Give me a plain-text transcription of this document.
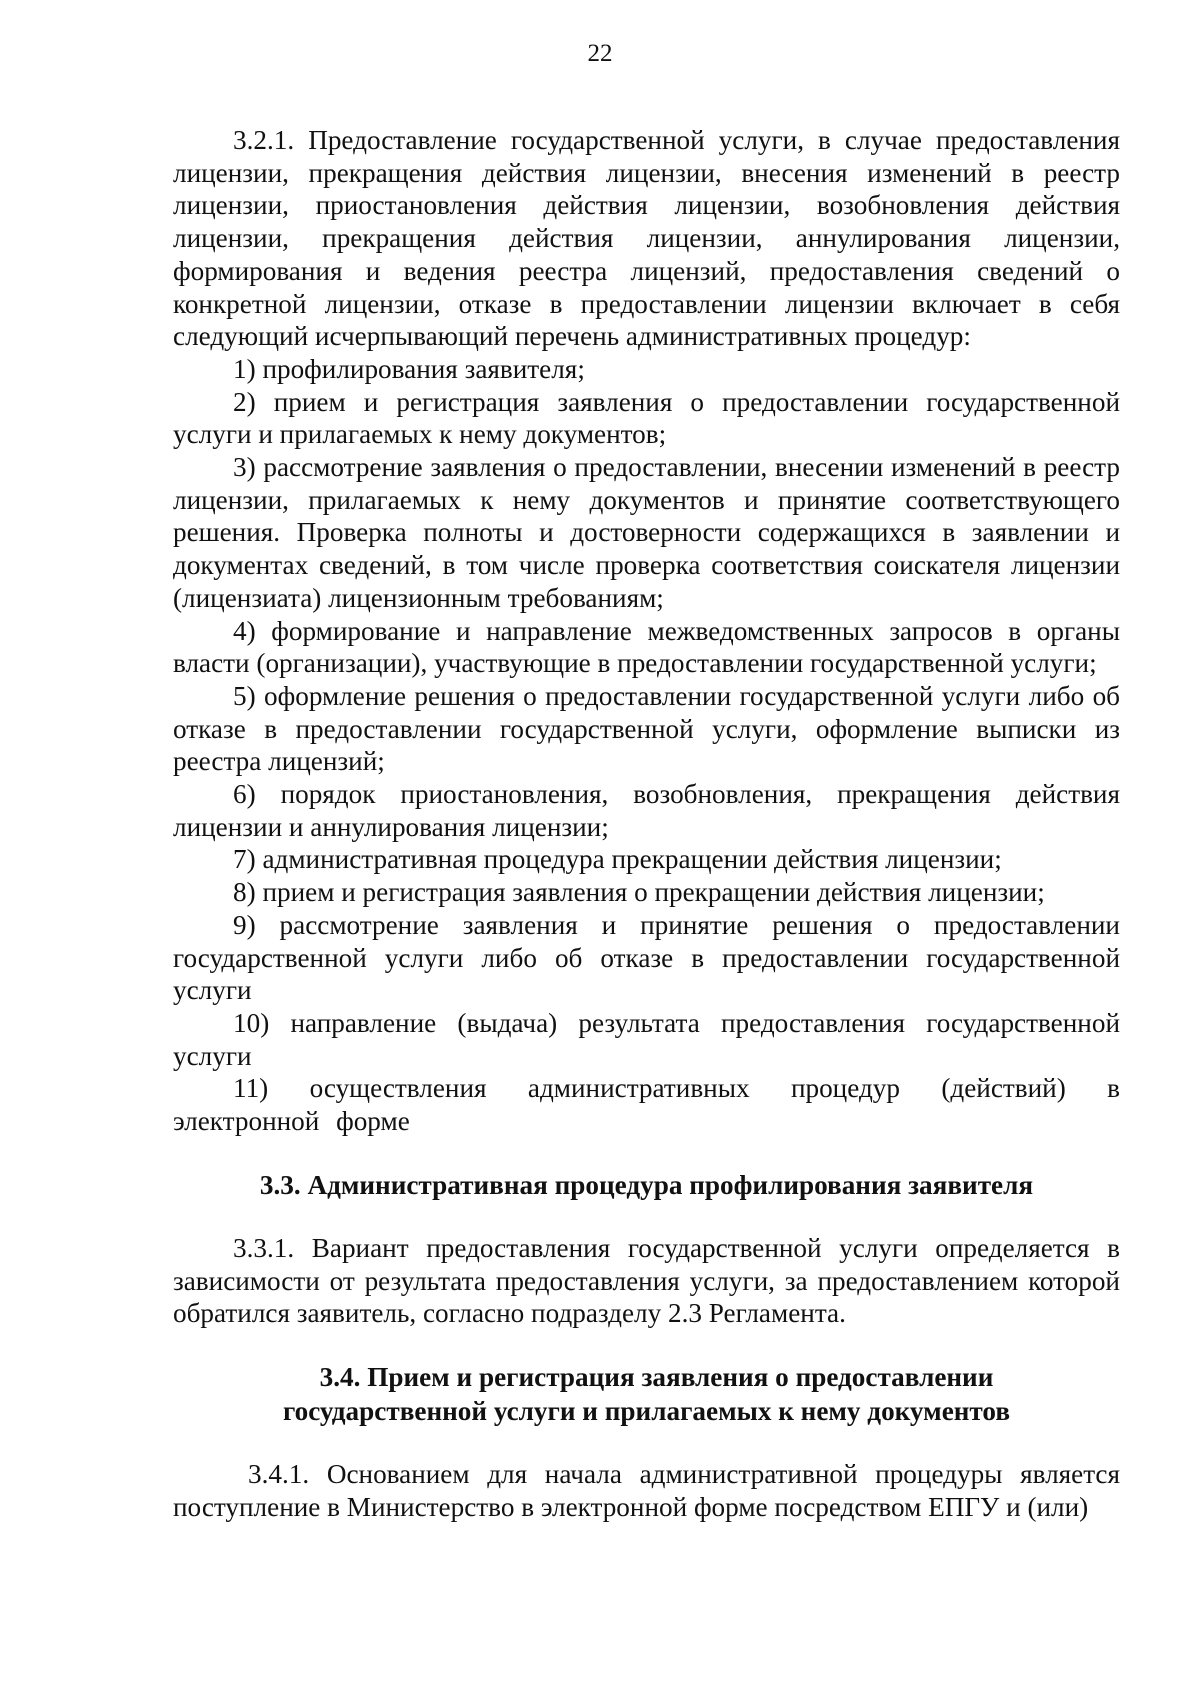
22

3.2.1. Предоставление государственной услуги, в случае предоставления лицензии, прекращения действия лицензии, внесения изменений в реестр лицензии, приостановления действия лицензии, возобновления действия лицензии, прекращения действия лицензии, аннулирования лицензии, формирования и ведения реестра лицензий, предоставления сведений о конкретной лицензии, отказе в предоставлении лицензии включает в себя следующий исчерпывающий перечень административных процедур:

1) профилирования заявителя;

2) прием и регистрация заявления о предоставлении государственной услуги и прилагаемых к нему документов;

3) рассмотрение заявления о предоставлении, внесении изменений в реестр лицензии, прилагаемых к нему документов и принятие соответствующего решения. Проверка полноты и достоверности содержащихся в заявлении и документах сведений, в том числе проверка соответствия соискателя лицензии (лицензиата) лицензионным требованиям;

4) формирование и направление межведомственных запросов в органы власти (организации), участвующие в предоставлении государственной услуги;

5) оформление решения о предоставлении государственной услуги либо об отказе в предоставлении государственной услуги, оформление выписки из реестра лицензий;

6) порядок приостановления, возобновления, прекращения действия лицензии и аннулирования лицензии;

7) административная процедура прекращении действия лицензии;

8) прием и регистрация заявления о прекращении действия лицензии;

9) рассмотрение заявления и принятие решения о предоставлении государственной услуги либо об отказе в предоставлении государственной услуги

10) направление (выдача) результата предоставления государственной услуги

11) осуществления административных процедур (действий) в электронной форме

3.3. Административная процедура профилирования заявителя

3.3.1. Вариант предоставления государственной услуги определяется в зависимости от результата предоставления услуги, за предоставлением которой обратился заявитель, согласно подразделу 2.3 Регламента.

3.4. Прием и регистрация заявления о предоставлении
государственной услуги и прилагаемых к нему документов

3.4.1. Основанием для начала административной процедуры является поступление в Министерство в электронной форме посредством ЕПГУ и (или)
